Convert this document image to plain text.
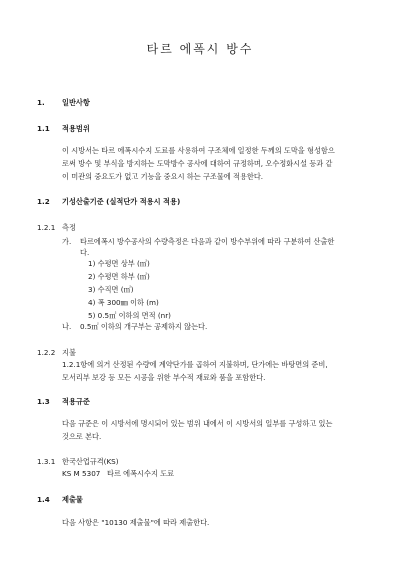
타르 에폭시 방수
1. 일반사항
1.1 적용범위
이 시방서는 타르 에폭시수지 도료를 사용하여 구조체에 일정한 두께의 도막을 형성함으
로써 방수 및 부식을 방지하는 도막방수 공사에 대하여 규정하며, 오수정화시설 등과 같
이 미관의 중요도가 없고 기능을 중요시 하는 구조물에 적용한다.
1.2 기성산출기준 (실적단가 적용시 적용)
1.2.1 측정
가. 타르에폭시 방수공사의 수량측정은 다음과 같이 방수부위에 따라 구분하여 산출한
다.
1) 수평면 상부 (㎡)
2) 수평면 하부 (㎡)
3) 수직면 (㎡)
4) 폭 300㎜ 이하 (m)
5) 0.5㎡ 이하의 면적 (nr)
나. 0.5㎡ 이하의 개구부는 공제하지 않는다.
1.2.2 지불
1.2.1항에 의거 산정된 수량에 계약단가를 곱하여 지불하며, 단가에는 바탕면의 준비,
모서리부 보강 등 모든 시공을 위한 부수적 재료와 품을 포함한다.
1.3 적용규준
다음 규준은 이 시방서에 명시되어 있는 범위 내에서 이 시방서의 일부를 구성하고 있는
것으로 본다.
1.3.1 한국산업규격(KS)
KS M 5307 타르 에폭시수지 도료
1.4 제출물
다음 사항은 "10130 제출물"에 따라 제출한다.
